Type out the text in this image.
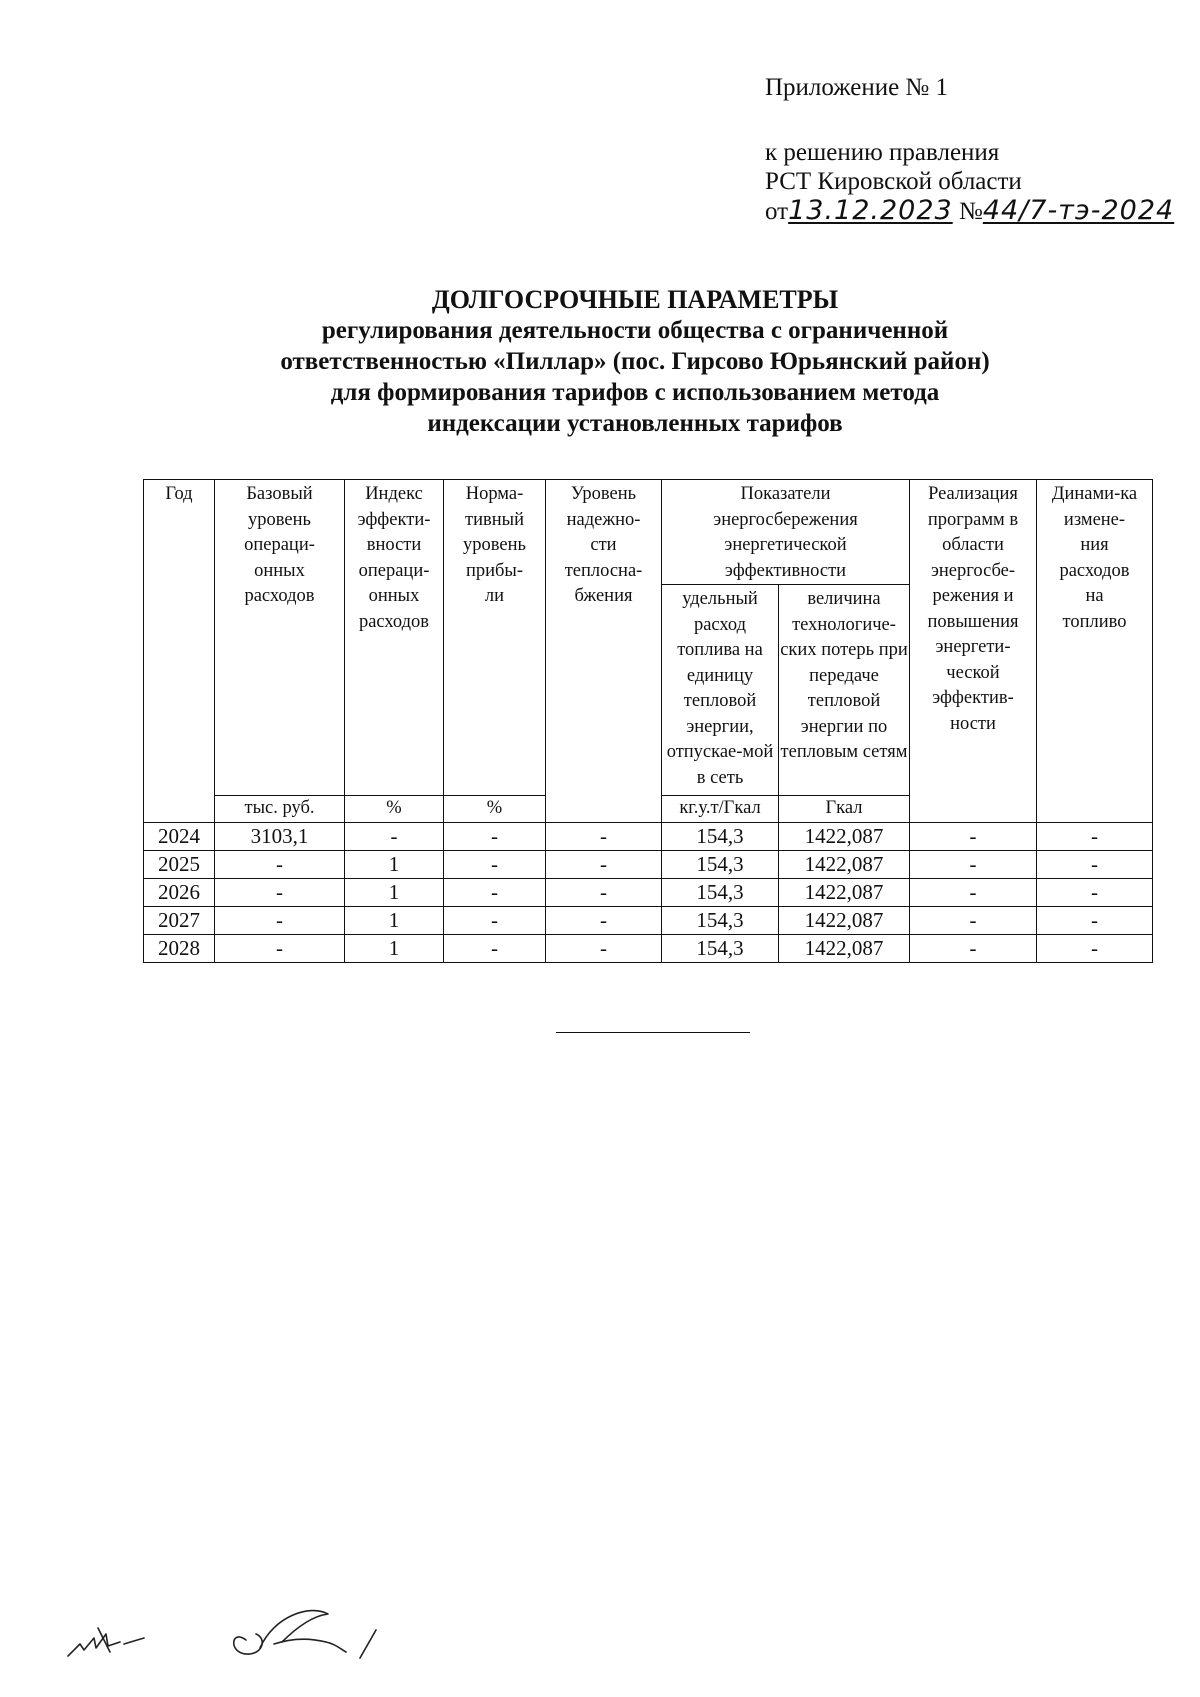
Приложение № 1
к решению правления
РСТ Кировской области
от13.12.2023 №44/7-тэ-2024
ДОЛГОСРОЧНЫЕ ПАРАМЕТРЫ
регулирования деятельности общества с ограниченной
ответственностью «Пиллар» (пос. Гирсово Юрьянский район)
для формирования тарифов с использованием метода
индексации установленных тарифов
Год	Базовый уровень операци-онных расходов	Индекс эффекти-вности операци-онных расходов	Норма-тивный уровень прибы-ли	Уровень надежно-сти теплосна-бжения	Показатели энергосбережения энергетической эффективности		Реализация программ в области энергосбе-режения и повышения энергети-ческой эффектив-ности	Динами-ка измене-ния расходов на топливо

					удельный расход топлива на единицу тепловой энергии, отпускае-мой в сеть	величина технологиче-ских потерь при передаче тепловой энергии по тепловым сетям		

	тыс. руб.	%	%		кг.у.т/Гкал	Гкал		
2024	3103,1	-	-	-	154,3	1422,087	-	-
2025	-	1	-	-	154,3	1422,087	-	-
2026	-	1	-	-	154,3	1422,087	-	-
2027	-	1	-	-	154,3	1422,087	-	-
2028	-	1	-	-	154,3	1422,087	-	-
